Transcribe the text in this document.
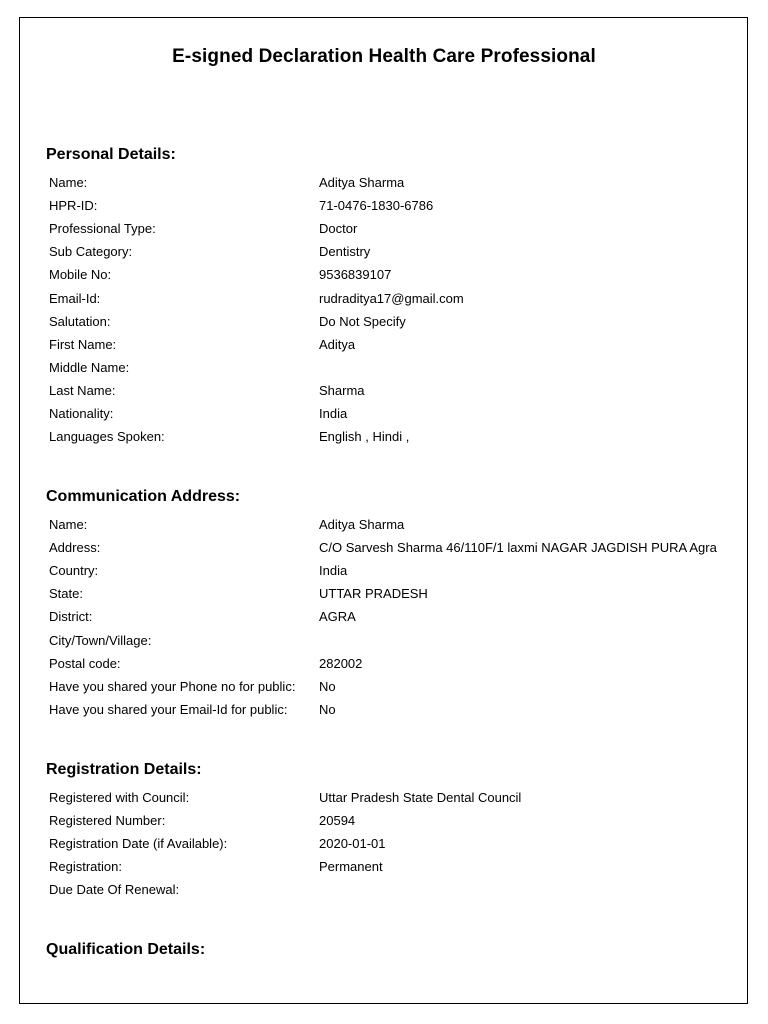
E-signed Declaration Health Care Professional
Personal Details:
Name:	Aditya Sharma
HPR-ID:	71-0476-1830-6786
Professional Type:	Doctor
Sub Category:	Dentistry
Mobile No:	9536839107
Email-Id:	rudraditya17@gmail.com
Salutation:	Do Not Specify
First Name:	Aditya
Middle Name:	
Last Name:	Sharma
Nationality:	India
Languages Spoken:	English , Hindi ,
Communication Address:
Name:	Aditya Sharma
Address:	C/O Sarvesh Sharma 46/110F/1 laxmi NAGAR JAGDISH PURA Agra
Country:	India
State:	UTTAR PRADESH
District:	AGRA
City/Town/Village:	
Postal code:	282002
Have you shared your Phone no for public:	No
Have you shared your Email-Id for public:	No
Registration Details:
Registered with Council:	Uttar Pradesh State Dental Council
Registered Number:	20594
Registration Date (if Available):	2020-01-01
Registration:	Permanent
Due Date Of Renewal:	
Qualification Details:
